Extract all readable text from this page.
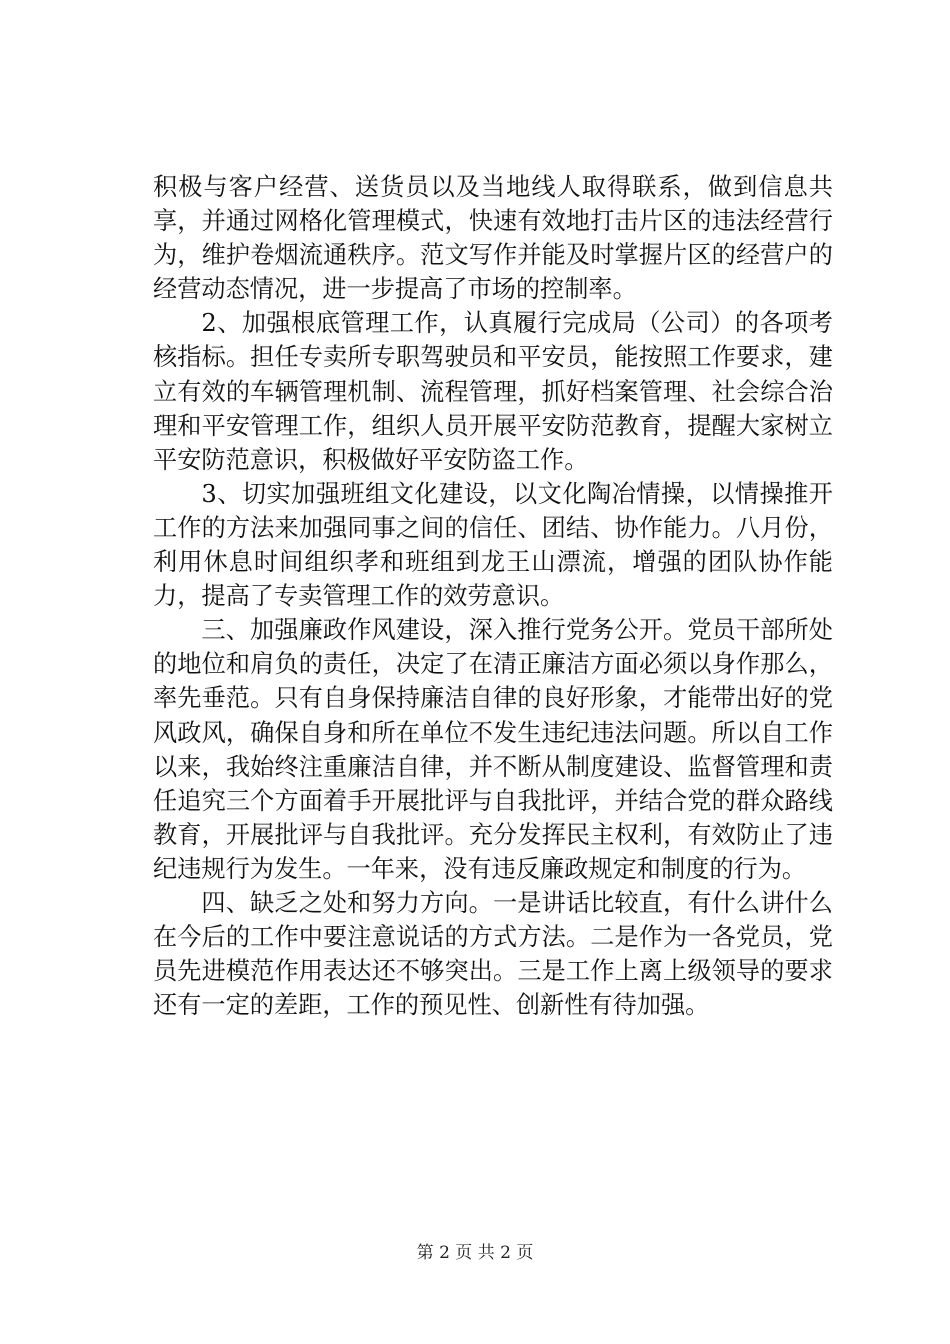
积极与客户经营、送货员以及当地线人取得联系，做到信息共享，并通过网格化管理模式，快速有效地打击片区的违法经营行为，维护卷烟流通秩序。范文写作并能及时掌握片区的经营户的经营动态情况，进一步提高了市场的控制率。

2、加强根底管理工作，认真履行完成局（公司）的各项考核指标。担任专卖所专职驾驶员和平安员，能按照工作要求，建立有效的车辆管理机制、流程管理，抓好档案管理、社会综合治理和平安管理工作，组织人员开展平安防范教育，提醒大家树立平安防范意识，积极做好平安防盗工作。

3、切实加强班组文化建设，以文化陶冶情操，以情操推开工作的方法来加强同事之间的信任、团结、协作能力。八月份，利用休息时间组织孝和班组到龙王山漂流，增强的团队协作能力，提高了专卖管理工作的效劳意识。

三、加强廉政作风建设，深入推行党务公开。党员干部所处的地位和肩负的责任，决定了在清正廉洁方面必须以身作那么，率先垂范。只有自身保持廉洁自律的良好形象，才能带出好的党风政风，确保自身和所在单位不发生违纪违法问题。所以自工作以来，我始终注重廉洁自律，并不断从制度建设、监督管理和责任追究三个方面着手开展批评与自我批评，并结合党的群众路线教育，开展批评与自我批评。充分发挥民主权利，有效防止了违纪违规行为发生。一年来，没有违反廉政规定和制度的行为。

四、缺乏之处和努力方向。一是讲话比较直，有什么讲什么在今后的工作中要注意说话的方式方法。二是作为一各党员，党员先进模范作用表达还不够突出。三是工作上离上级领导的要求还有一定的差距，工作的预见性、创新性有待加强。

第 2 页 共 2 页
